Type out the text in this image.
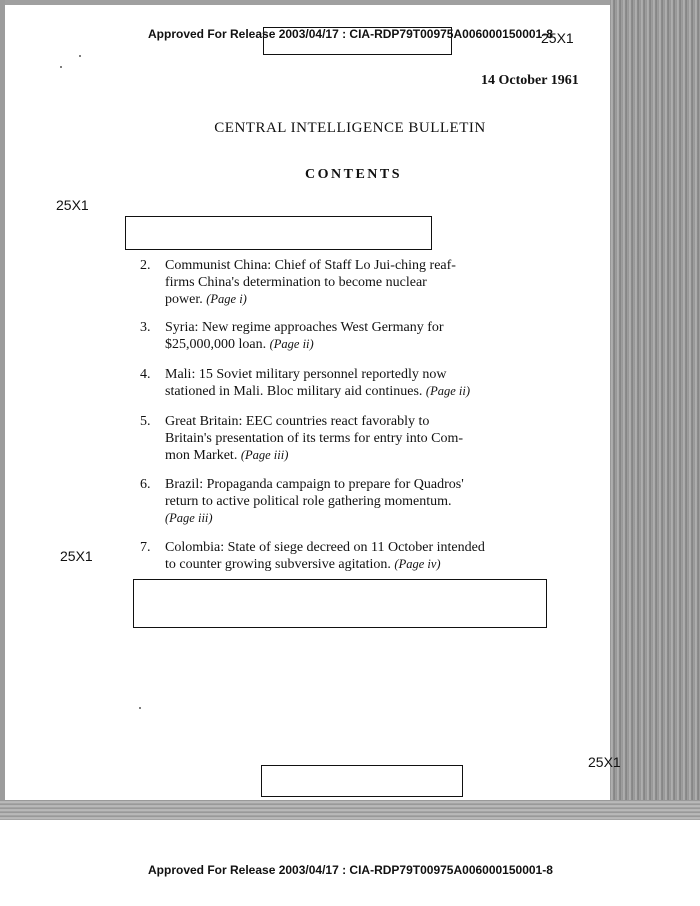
Approved For Release 2003/04/17 : CIA-RDP79T00975A006000150001-8
25X1
14 October 1961
CENTRAL INTELLIGENCE BULLETIN
CONTENTS
25X1
2.	Communist China: Chief of Staff Lo Jui-ching reaf-
firms China's determination to become nuclear
power. (Page i)
3.	Syria: New regime approaches West Germany for
$25,000,000 loan. (Page ii)
4.	Mali: 15 Soviet military personnel reportedly now
stationed in Mali. Bloc military aid continues. (Page ii)
5.	Great Britain: EEC countries react favorably to
Britain's presentation of its terms for entry into Com-
mon Market. (Page iii)
6.	Brazil: Propaganda campaign to prepare for Quadros'
return to active political role gathering momentum.
(Page iii)
25X1
7.	Colombia: State of siege decreed on 11 October intended
to counter growing subversive agitation. (Page iv)
25X1
Approved For Release 2003/04/17 : CIA-RDP79T00975A006000150001-8
